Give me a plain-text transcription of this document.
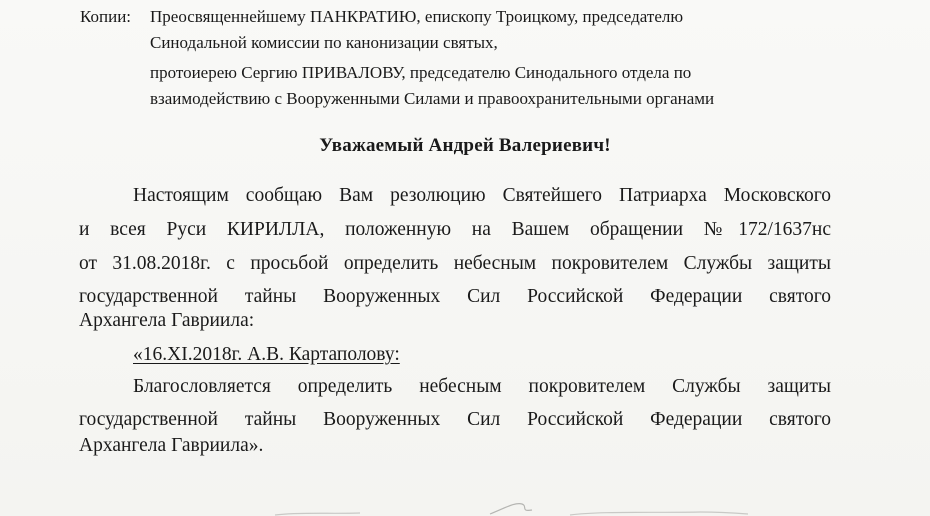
Копии: Преосвященнейшему ПАНКРАТИЮ, епископу Троицкому, председателю
Синодальной комиссии по канонизации святых,
протоиерею Сергию ПРИВАЛОВУ, председателю Синодального отдела по
взаимодействию с Вооруженными Силами и правоохранительными органами
Уважаемый Андрей Валериевич!
Настоящим сообщаю Вам резолюцию Святейшего Патриарха Московского
и всея Руси КИРИЛЛА, положенную на Вашем обращении №172/1637нс
от 31.08.2018г. с просьбой определить небесным покровителем Службы защиты
государственной тайны Вооруженных Сил Российской Федерации святого
Архангела Гавриила:
«16.XI.2018г. А.В. Картаполову:
Благословляется определить небесным покровителем Службы защиты
государственной тайны Вооруженных Сил Российской Федерации святого
Архангела Гавриила».
